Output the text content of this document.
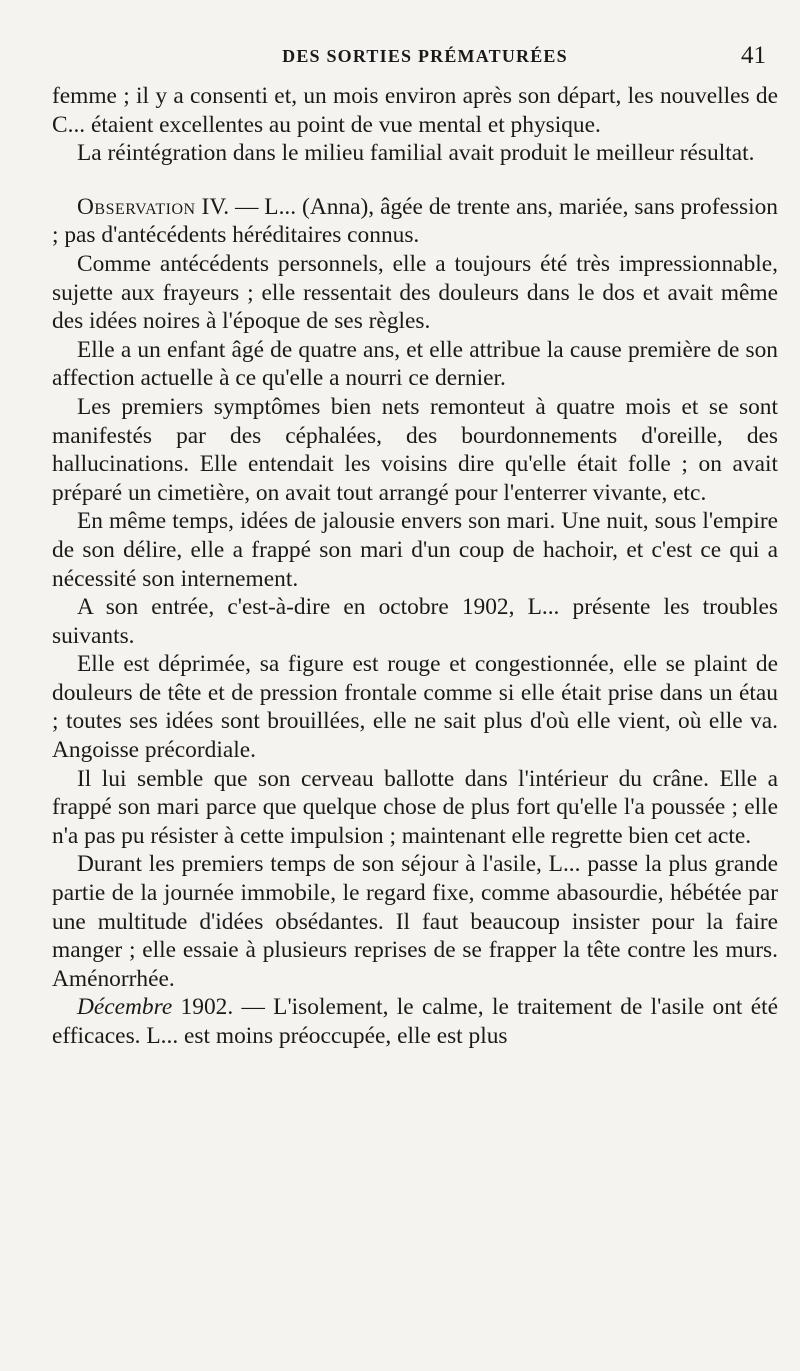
DES SORTIES PRÉMATURÉES	41

femme ; il y a consenti et, un mois environ après son départ, les nouvelles de C... étaient excellentes au point de vue mental et physique.

La réintégration dans le milieu familial avait produit le meilleur résultat.

Observation IV. — L... (Anna), âgée de trente ans, mariée, sans profession ; pas d'antécédents héréditaires connus.

Comme antécédents personnels, elle a toujours été très impressionnable, sujette aux frayeurs ; elle ressentait des douleurs dans le dos et avait même des idées noires à l'époque de ses règles.

Elle a un enfant âgé de quatre ans, et elle attribue la cause première de son affection actuelle à ce qu'elle a nourri ce dernier.

Les premiers symptômes bien nets remonteut à quatre mois et se sont manifestés par des céphalées, des bourdonnements d'oreille, des hallucinations. Elle entendait les voisins dire qu'elle était folle ; on avait préparé un cimetière, on avait tout arrangé pour l'enterrer vivante, etc.

En même temps, idées de jalousie envers son mari. Une nuit, sous l'empire de son délire, elle a frappé son mari d'un coup de hachoir, et c'est ce qui a nécessité son internement.

A son entrée, c'est-à-dire en octobre 1902, L... présente les troubles suivants.

Elle est déprimée, sa figure est rouge et congestionnée, elle se plaint de douleurs de tête et de pression frontale comme si elle était prise dans un étau ; toutes ses idées sont brouillées, elle ne sait plus d'où elle vient, où elle va. Angoisse précordiale.

Il lui semble que son cerveau ballotte dans l'intérieur du crâne. Elle a frappé son mari parce que quelque chose de plus fort qu'elle l'a poussée ; elle n'a pas pu résister à cette impulsion ; maintenant elle regrette bien cet acte.

Durant les premiers temps de son séjour à l'asile, L... passe la plus grande partie de la journée immobile, le regard fixe, comme abasourdie, hébétée par une multitude d'idées obsédantes. Il faut beaucoup insister pour la faire manger ; elle essaie à plusieurs reprises de se frapper la tête contre les murs. Aménorrhée.

Décembre 1902. — L'isolement, le calme, le traitement de l'asile ont été efficaces. L... est moins préoccupée, elle est plus
